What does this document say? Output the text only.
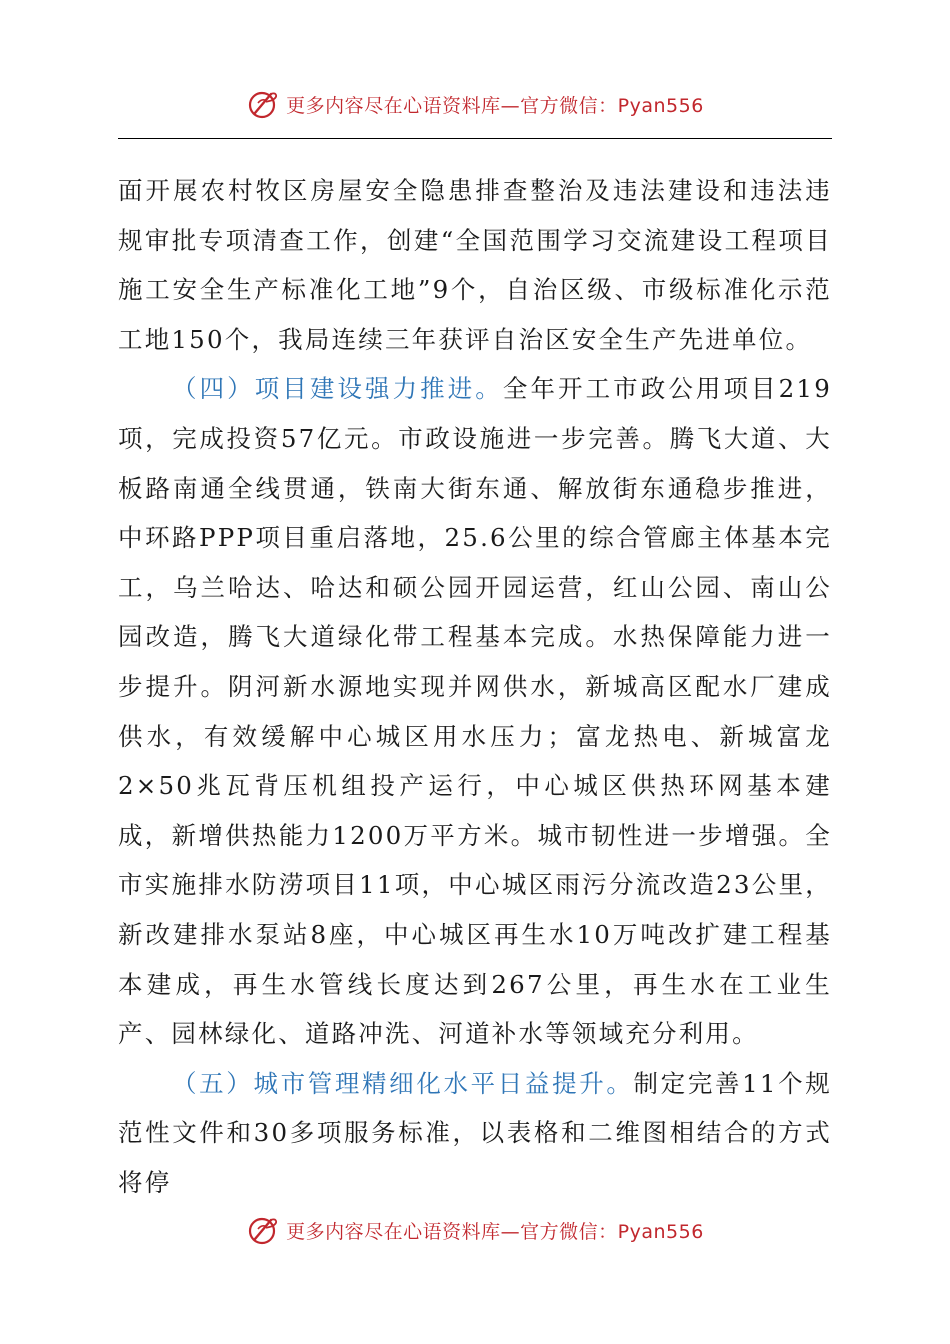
更多内容尽在心语资料库—官方微信：Pyan556

面开展农村牧区房屋安全隐患排查整治及违法建设和违法违规审批专项清查工作，创建“全国范围学习交流建设工程项目施工安全生产标准化工地”9个，自治区级、市级标准化示范工地150个，我局连续三年获评自治区安全生产先进单位。

（四）项目建设强力推进。全年开工市政公用项目219项，完成投资57亿元。市政设施进一步完善。腾飞大道、大板路南通全线贯通，铁南大街东通、解放街东通稳步推进，中环路PPP项目重启落地，25.6公里的综合管廊主体基本完工，乌兰哈达、哈达和硕公园开园运营，红山公园、南山公园改造，腾飞大道绿化带工程基本完成。水热保障能力进一步提升。阴河新水源地实现并网供水，新城高区配水厂建成供水，有效缓解中心城区用水压力；富龙热电、新城富龙2×50兆瓦背压机组投产运行，中心城区供热环网基本建成，新增供热能力1200万平方米。城市韧性进一步增强。全市实施排水防涝项目11项，中心城区雨污分流改造23公里，新改建排水泵站8座，中心城区再生水10万吨改扩建工程基本建成，再生水管线长度达到267公里，再生水在工业生产、园林绿化、道路冲洗、河道补水等领域充分利用。

（五）城市管理精细化水平日益提升。制定完善11个规范性文件和30多项服务标准，以表格和二维图相结合的方式将停

更多内容尽在心语资料库—官方微信：Pyan556
